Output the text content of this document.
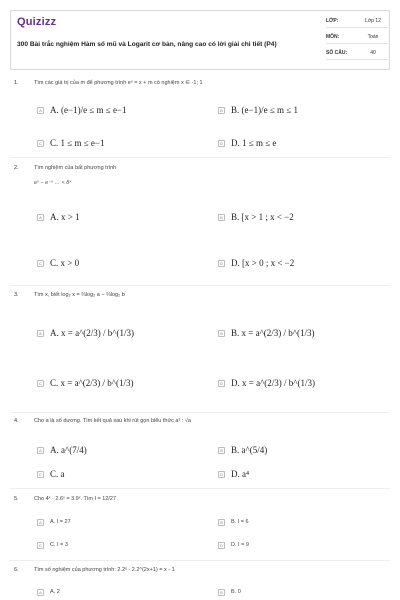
Quizizz
300 Bài trắc nghiệm Hàm số mũ và Logarit cơ bản, nâng cao có lời giải chi tiết (P4)
LỚP:	Lớp 12
MÔN:	Toán
SỐ CÂU:	40
1.	Tìm các giá trị của m để phương trình eˣ = x + m có nghiệm x ∈ -1; 1
A A. (e−1)/e ≤ m ≤ e−1	B B. (e−1)/e ≤ m ≤ 1
C C. 1 ≤ m ≤ e−1	D D. 1 ≤ m ≤ e
2.	Tìm nghiệm của bất phương trình
eˣ − e⁻ˣ … < 8ˣ
A A. x > 1	B B. [x > 1 ; x < −2
C C. x > 0	D D. [x > 0 ; x < −2
3.	Tìm x, biết log₂ x = ⅔log₂ a − ⅔log₂ b
A A. x = a^(2/3) / b^(1/3)	B B. x = a^(2/3) / b^(1/3)
C C. x = a^(2/3) / b^(1/3)	D D. x = a^(2/3) / b^(1/3)
4.	Cho a là số dương. Tìm kết quả sau khi rút gọn biểu thức a³ : √a
A A. a^(7/4)	B B. a^(5/4)
C C. a	D D. a⁴
5.	Cho 4ˣ · 2.6ˣ = 3.9ˣ. Tìm I = 12/27
A	A. I = 27	B	B. I = 6
C	C. I = 3	D	D. I = 9
6.	Tìm số nghiệm của phương trình: 2.2ˣ - 2.2^(2x+1) = x - 1
A	A. 2	B	B. 0
